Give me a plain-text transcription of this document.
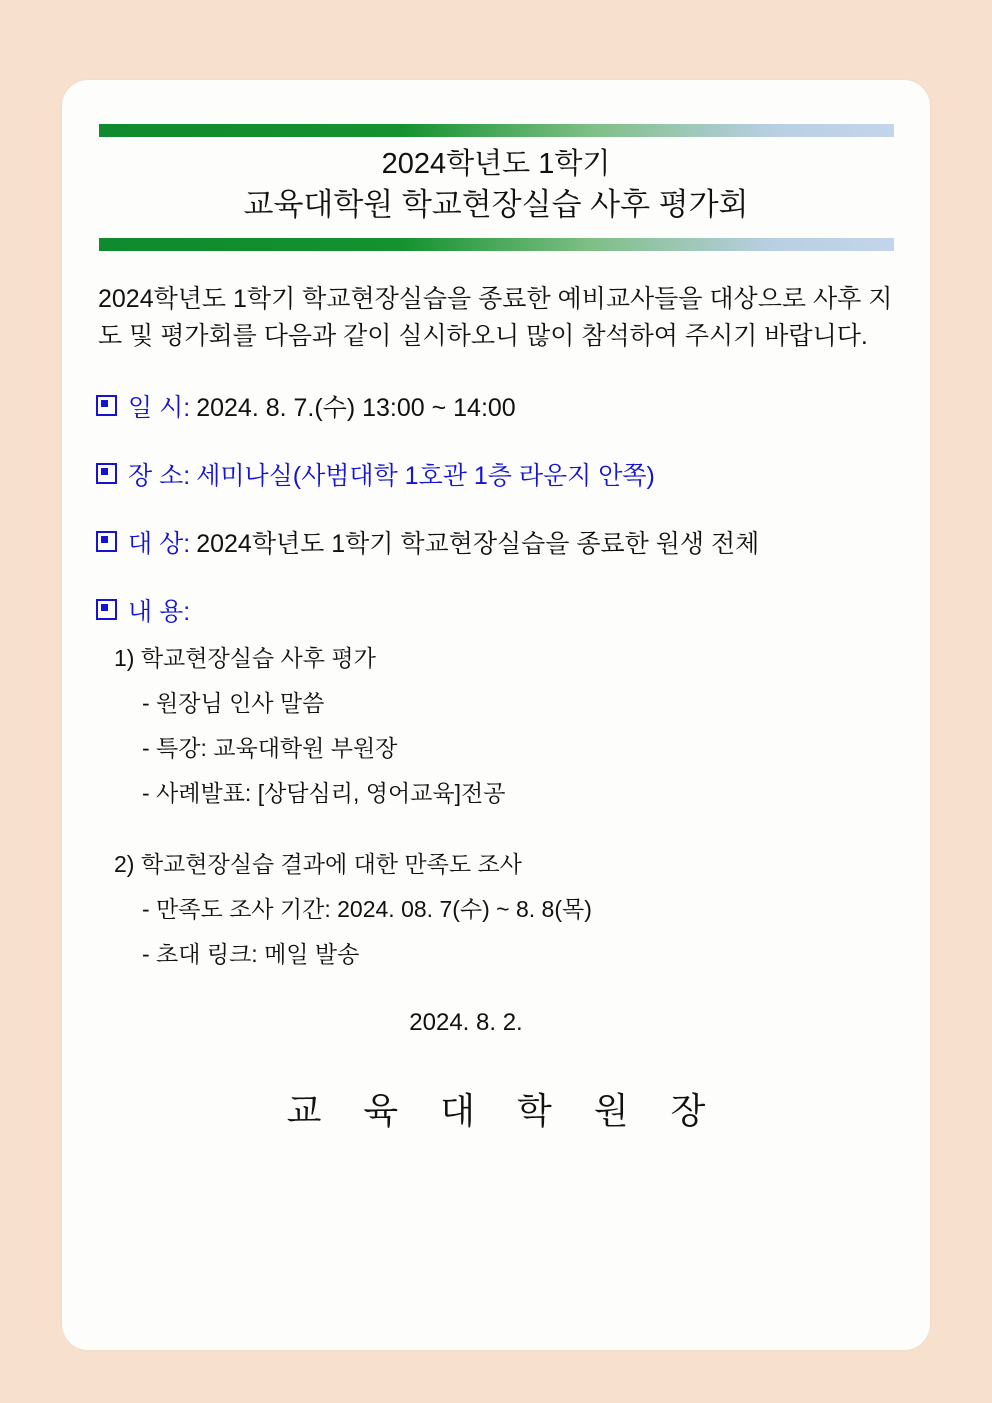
2024학년도 1학기
교육대학원 학교현장실습 사후 평가회

2024학년도 1학기 학교현장실습을 종료한 예비교사들을 대상으로 사후 지도 및 평가회를 다음과 같이 실시하오니 많이 참석하여 주시기 바랍니다.

일 시: 2024. 8. 7.(수) 13:00 ~ 14:00
장 소: 세미나실(사범대학 1호관 1층 라운지 안쪽)
대 상: 2024학년도 1학기 학교현장실습을 종료한 원생 전체
내 용:
1) 학교현장실습 사후 평가
- 원장님 인사 말씀
- 특강: 교육대학원 부원장
- 사례발표: [상담심리, 영어교육]전공
2) 학교현장실습 결과에 대한 만족도 조사
- 만족도 조사 기간: 2024. 08. 7(수) ~ 8. 8(목)
- 초대 링크: 메일 발송
2024. 8. 2.
교 육 대 학 원 장
